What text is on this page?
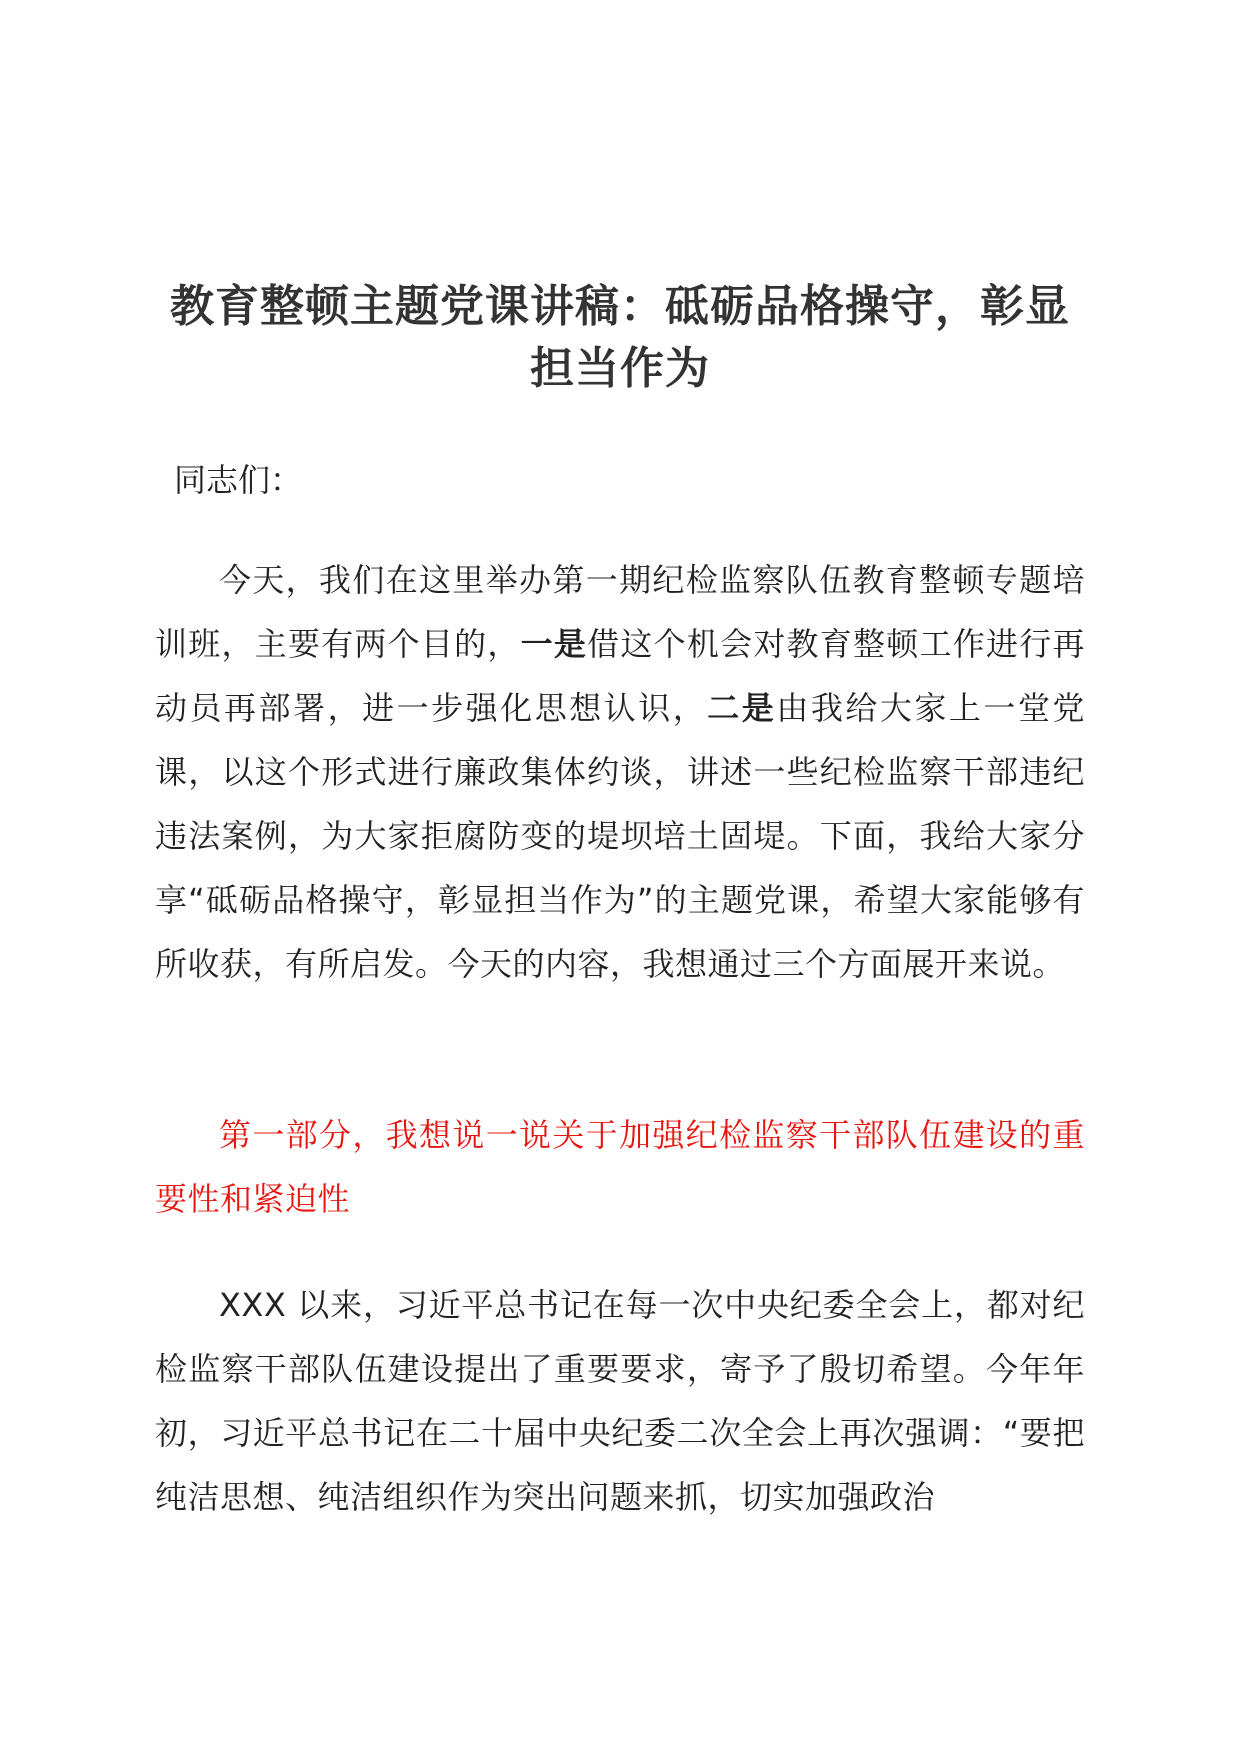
教育整顿主题党课讲稿：砥砺品格操守，彰显担当作为
同志们：
今天，我们在这里举办第一期纪检监察队伍教育整顿专题培训班，主要有两个目的，一是借这个机会对教育整顿工作进行再动员再部署，进一步强化思想认识，二是由我给大家上一堂党课，以这个形式进行廉政集体约谈，讲述一些纪检监察干部违纪违法案例，为大家拒腐防变的堤坝培土固堤。下面，我给大家分享“砥砺品格操守，彰显担当作为”的主题党课，希望大家能够有所收获，有所启发。今天的内容，我想通过三个方面展开来说。
第一部分，我想说一说关于加强纪检监察干部队伍建设的重要性和紧迫性
XXX 以来，习近平总书记在每一次中央纪委全会上，都对纪检监察干部队伍建设提出了重要要求，寄予了殷切希望。今年年初，习近平总书记在二十届中央纪委二次全会上再次强调：“要把纯洁思想、纯洁组织作为突出问题来抓，切实加强政治
